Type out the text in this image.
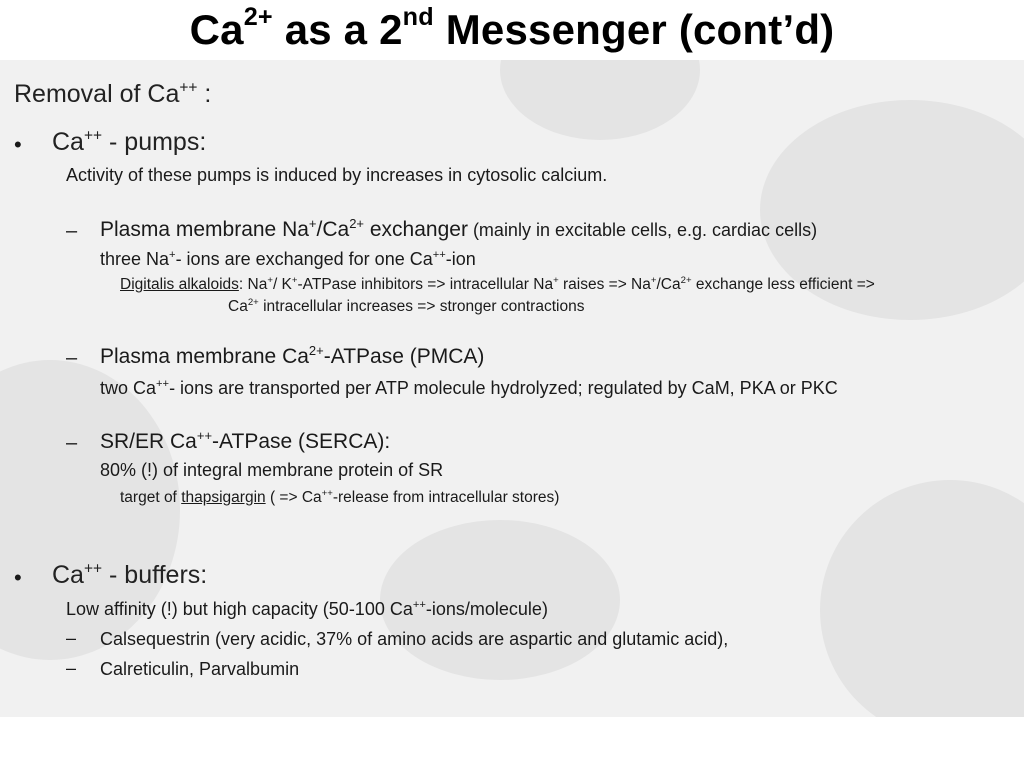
$Ca^{2+}$ as a 2nd Messenger (cont’d)
Removal of Ca++ :
• Ca++ - pumps:
Activity of these pumps is induced by increases in cytosolic calcium.
– Plasma membrane $Na^+/Ca^{2+}$ exchanger (mainly in excitable cells, e.g. cardiac cells)
three Na+- ions are exchanged for one Ca++-ion
Digitalis alkaloids: Na+/ K+-ATPase inhibitors => intracellular Na+ raises => $Na^+/Ca^{2+}$ exchange less efficient =>
$Ca^{2+}$ intracellular increases => stronger contractions
– Plasma membrane $Ca^{2+}$-ATPase (PMCA)
two Ca++- ions are transported per ATP molecule hydrolyzed; regulated by CaM, PKA or PKC
– SR/ER Ca++-ATPase (SERCA):
80% (!) of integral membrane protein of SR
target of thapsigargin ( => Ca++-release from intracellular stores)
• Ca++ - buffers:
Low affinity (!) but high capacity (50-100 Ca++-ions/molecule)
– Calsequestrin (very acidic, 37% of amino acids are aspartic and glutamic acid),
– Calreticulin, Parvalbumin
